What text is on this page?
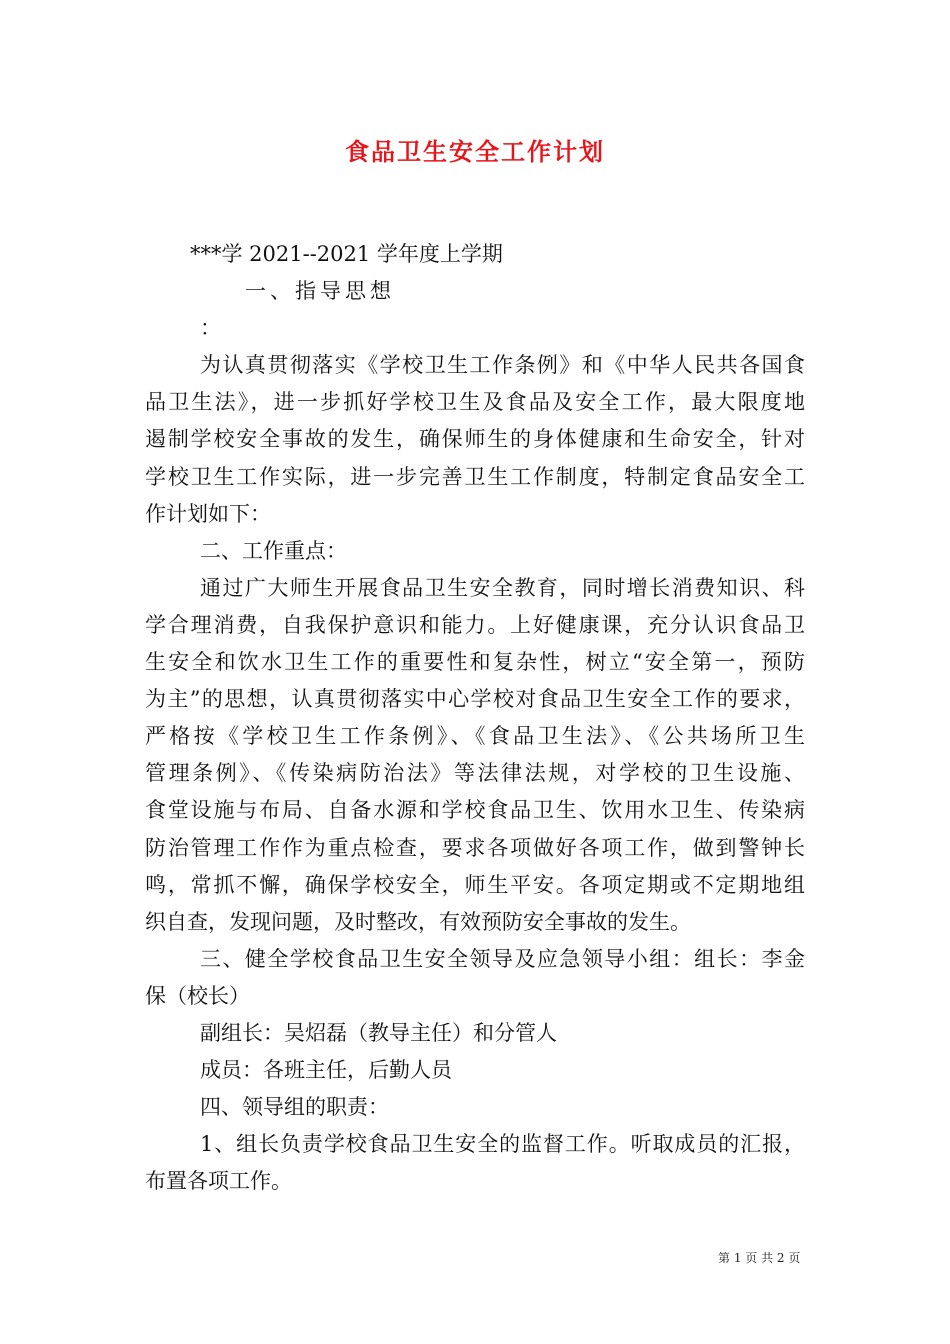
食品卫生安全工作计划
***学 2021--2021 学年度上学期
一、指导思想
：
为认真贯彻落实《学校卫生工作条例》和《中华人民共各国食
品卫生法》，进一步抓好学校卫生及食品及安全工作，最大限度地
遏制学校安全事故的发生，确保师生的身体健康和生命安全，针对
学校卫生工作实际，进一步完善卫生工作制度，特制定食品安全工
作计划如下：
二、工作重点：
通过广大师生开展食品卫生安全教育，同时增长消费知识、科
学合理消费，自我保护意识和能力。上好健康课，充分认识食品卫
生安全和饮水卫生工作的重要性和复杂性，树立“安全第一，预防
为主”的思想，认真贯彻落实中心学校对食品卫生安全工作的要求，
严格按《学校卫生工作条例》、《食品卫生法》、《公共场所卫生
管理条例》、《传染病防治法》等法律法规，对学校的卫生设施、
食堂设施与布局、自备水源和学校食品卫生、饮用水卫生、传染病
防治管理工作作为重点检查，要求各项做好各项工作，做到警钟长
鸣，常抓不懈，确保学校安全，师生平安。各项定期或不定期地组
织自查，发现问题，及时整改，有效预防安全事故的发生。
三、健全学校食品卫生安全领导及应急领导小组：组长：李金
保（校长）
副组长：吴炤磊（教导主任）和分管人
成员：各班主任，后勤人员
四、领导组的职责：
1、组长负责学校食品卫生安全的监督工作。听取成员的汇报，
布置各项工作。
第 1 页 共 2 页
